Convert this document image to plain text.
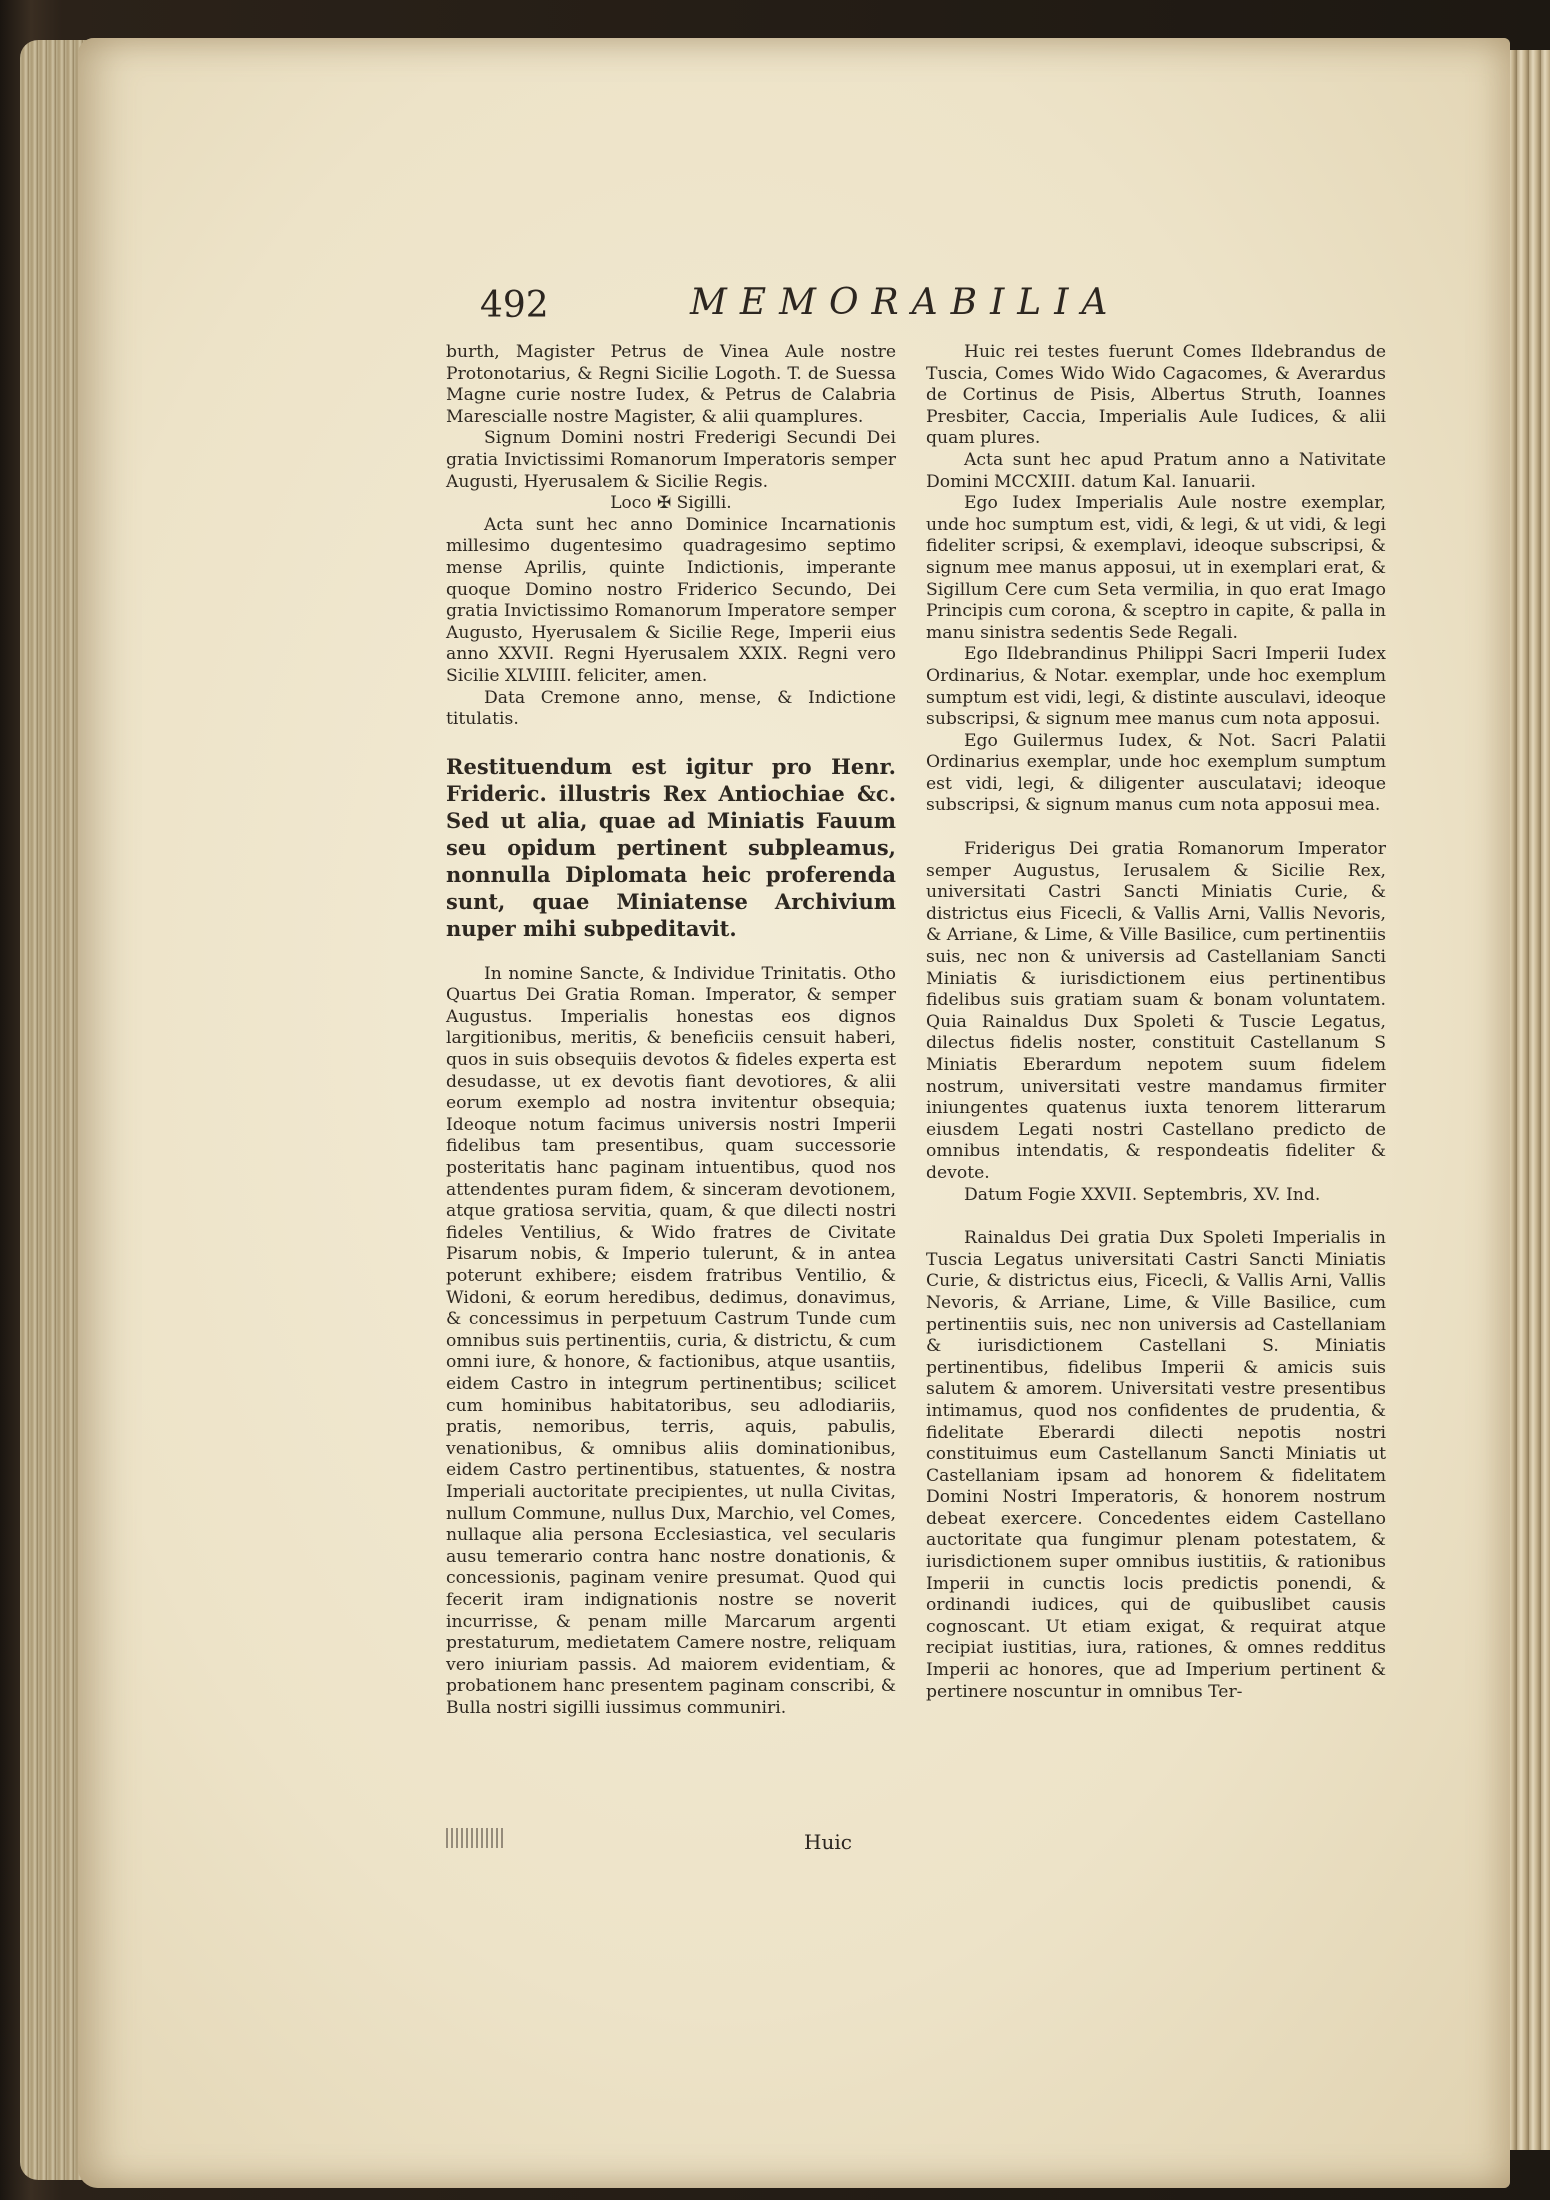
492	MEMORABILIA

burth, Magister Petrus de Vinea Aule nostre Protonotarius, & Regni Sicilie Logoth. T. de Suessa Magne curie nostre Iudex, & Petrus de Calabria Marescialle nostre Magister, & alii quamplures.

Signum Domini nostri Frederigi Secundi Dei gratia Invictissimi Romanorum Imperatoris semper Augusti, Hyerusalem & Sicilie Regis.

Loco ✠ Sigilli.

Acta sunt hec anno Dominice Incarnationis millesimo dugentesimo quadragesimo septimo mense Aprilis, quinte Indictionis, imperante quoque Domino nostro Friderico Secundo, Dei gratia Invictissimo Romanorum Imperatore semper Augusto, Hyerusalem & Sicilie Rege, Imperii eius anno XXVII. Regni Hyerusalem XXIX. Regni vero Sicilie XLVIIII. feliciter, amen.

Data Cremone anno, mense, & Indictione titulatis.

Restituendum est igitur pro Henr. Frideric. illustris Rex Antiochiae &c. Sed ut alia, quae ad Miniatis Fauum seu opidum pertinent subpleamus, nonnulla Diplomata heic proferenda sunt, quae Miniatense Archivium nuper mihi subpeditavit.

In nomine Sancte, & Individue Trinitatis. Otho Quartus Dei Gratia Roman. Imperator, & semper Augustus. Imperialis honestas eos dignos largitionibus, meritis, & beneficiis censuit haberi, quos in suis obsequiis devotos & fideles experta est desudasse, ut ex devotis fiant devotiores, & alii eorum exemplo ad nostra invitentur obsequia; Ideoque notum facimus universis nostri Imperii fidelibus tam presentibus, quam successorie posteritatis hanc paginam intuentibus, quod nos attendentes puram fidem, & sinceram devotionem, atque gratiosa servitia, quam, & que dilecti nostri fideles Ventilius, & Wido fratres de Civitate Pisarum nobis, & Imperio tulerunt, & in antea poterunt exhibere; eisdem fratribus Ventilio, & Widoni, & eorum heredibus, dedimus, donavimus, & concessimus in perpetuum Castrum Tunde cum omnibus suis pertinentiis, curia, & districtu, & cum omni iure, & honore, & factionibus, atque usantiis, eidem Castro in integrum pertinentibus; scilicet cum hominibus habitatoribus, seu adlodiariis, pratis, nemoribus, terris, aquis, pabulis, venationibus, & omnibus aliis dominationibus, eidem Castro pertinentibus, statuentes, & nostra Imperiali auctoritate precipientes, ut nulla Civitas, nullum Commune, nullus Dux, Marchio, vel Comes, nullaque alia persona Ecclesiastica, vel secularis ausu temerario contra hanc nostre donationis, & concessionis, paginam venire presumat. Quod qui fecerit iram indignationis nostre se noverit incurrisse, & penam mille Marcarum argenti prestaturum, medietatem Camere nostre, reliquam vero iniuriam passis. Ad maiorem evidentiam, & probationem hanc presentem paginam conscribi, & Bulla nostri sigilli iussimus communiri.

Huic rei testes fuerunt Comes Ildebrandus de Tuscia, Comes Wido Wido Cagacomes, & Averardus de Cortinus de Pisis, Albertus Struth, Ioannes Presbiter, Caccia, Imperialis Aule Iudices, & alii quam plures.

Acta sunt hec apud Pratum anno a Nativitate Domini MCCXIII. datum Kal. Ianuarii.

Ego Iudex Imperialis Aule nostre exemplar, unde hoc sumptum est, vidi, & legi, & ut vidi, & legi fideliter scripsi, & exemplavi, ideoque subscripsi, & signum mee manus apposui, ut in exemplari erat, & Sigillum Cere cum Seta vermilia, in quo erat Imago Principis cum corona, & sceptro in capite, & palla in manu sinistra sedentis Sede Regali.

Ego Ildebrandinus Philippi Sacri Imperii Iudex Ordinarius, & Notar. exemplar, unde hoc exemplum sumptum est vidi, legi, & distinte ausculavi, ideoque subscripsi, & signum mee manus cum nota apposui.

Ego Guilermus Iudex, & Not. Sacri Palatii Ordinarius exemplar, unde hoc exemplum sumptum est vidi, legi, & diligenter ausculatavi; ideoque subscripsi, & signum manus cum nota apposui mea.

Friderigus Dei gratia Romanorum Imperator semper Augustus, Ierusalem & Sicilie Rex, universitati Castri Sancti Miniatis Curie, & districtus eius Ficecli, & Vallis Arni, Vallis Nevoris, & Arriane, & Lime, & Ville Basilice, cum pertinentiis suis, nec non & universis ad Castellaniam Sancti Miniatis & iurisdictionem eius pertinentibus fidelibus suis gratiam suam & bonam voluntatem. Quia Rainaldus Dux Spoleti & Tuscie Legatus, dilectus fidelis noster, constituit Castellanum S Miniatis Eberardum nepotem suum fidelem nostrum, universitati vestre mandamus firmiter iniungentes quatenus iuxta tenorem litterarum eiusdem Legati nostri Castellano predicto de omnibus intendatis, & respondeatis fideliter & devote.

Datum Fogie XXVII. Septembris, XV. Ind.

Rainaldus Dei gratia Dux Spoleti Imperialis in Tuscia Legatus universitati Castri Sancti Miniatis Curie, & districtus eius, Ficecli, & Vallis Arni, Vallis Nevoris, & Arriane, Lime, & Ville Basilice, cum pertinentiis suis, nec non universis ad Castellaniam & iurisdictionem Castellani S. Miniatis pertinentibus, fidelibus Imperii & amicis suis salutem & amorem. Universitati vestre presentibus intimamus, quod nos confidentes de prudentia, & fidelitate Eberardi dilecti nepotis nostri constituimus eum Castellanum Sancti Miniatis ut Castellaniam ipsam ad honorem & fidelitatem Domini Nostri Imperatoris, & honorem nostrum debeat exercere. Concedentes eidem Castellano auctoritate qua fungimur plenam potestatem, & iurisdictionem super omnibus iustitiis, & rationibus Imperii in cunctis locis predictis ponendi, & ordinandi iudices, qui de quibuslibet causis cognoscant. Ut etiam exigat, & requirat atque recipiat iustitias, iura, rationes, & omnes redditus Imperii ac honores, que ad Imperium pertinent & pertinere noscuntur in omnibus Ter-

Huic
